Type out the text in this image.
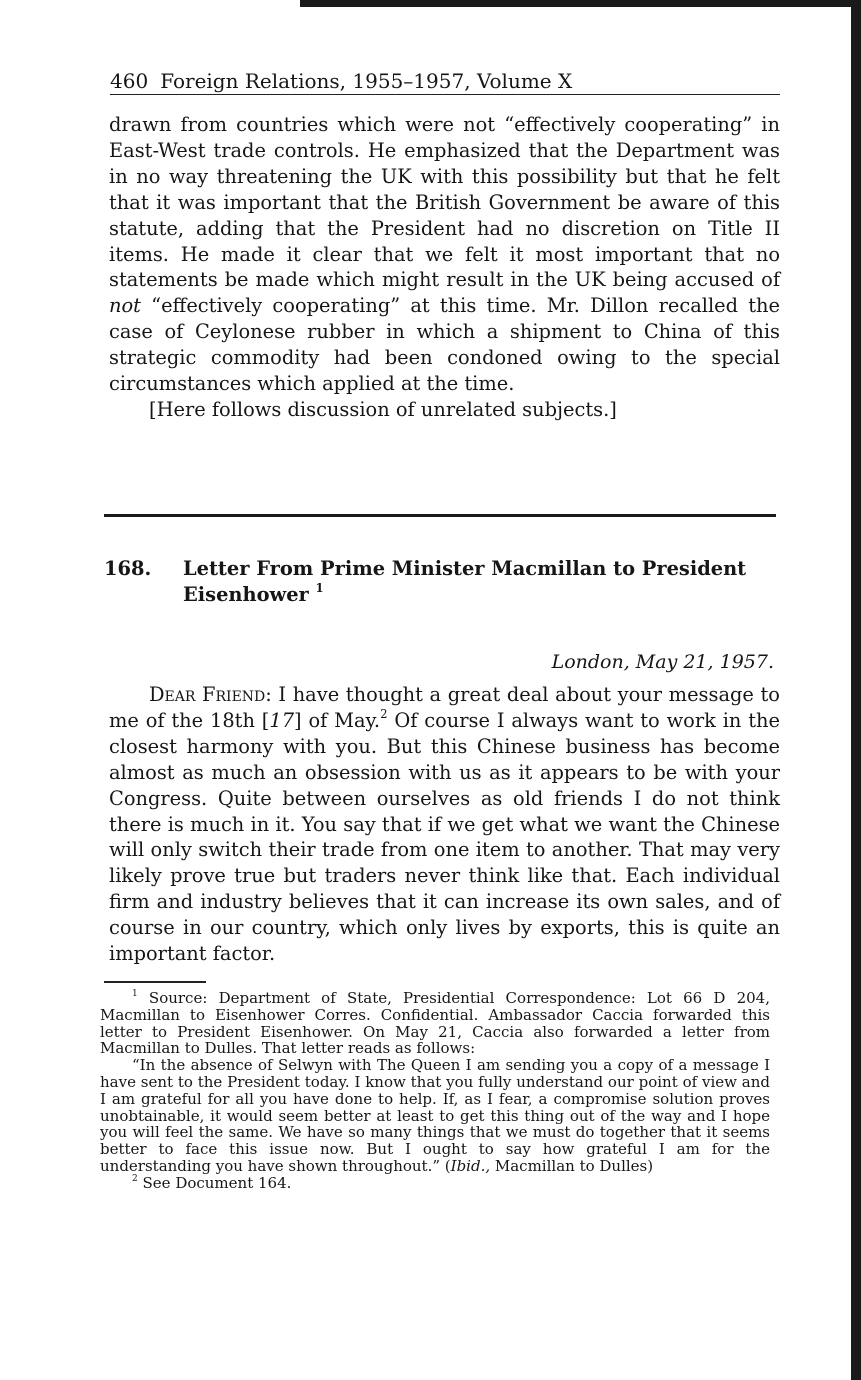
460 Foreign Relations, 1955–1957, Volume X

drawn from countries which were not “effectively cooperating” in East-West trade controls. He emphasized that the Department was in no way threatening the UK with this possibility but that he felt that it was important that the British Government be aware of this statute, adding that the President had no discretion on Title II items. He made it clear that we felt it most important that no statements be made which might result in the UK being accused of not “effectively cooperating” at this time. Mr. Dillon recalled the case of Ceylonese rubber in which a shipment to China of this strategic commodity had been condoned owing to the special circumstances which applied at the time.

[Here follows discussion of unrelated subjects.]

168. Letter From Prime Minister Macmillan to President Eisenhower $^1$
London, May 21, 1957.

Dear Friend: I have thought a great deal about your message to me of the 18th [17] of May.$^2$ Of course I always want to work in the closest harmony with you. But this Chinese business has become almost as much an obsession with us as it appears to be with your Congress. Quite between ourselves as old friends I do not think there is much in it. You say that if we get what we want the Chinese will only switch their trade from one item to another. That may very likely prove true but traders never think like that. Each individual firm and industry believes that it can increase its own sales, and of course in our country, which only lives by exports, this is quite an important factor.

$^1$ Source: Department of State, Presidential Correspondence: Lot 66 D 204, Macmillan to Eisenhower Corres. Confidential. Ambassador Caccia forwarded this letter to President Eisenhower. On May 21, Caccia also forwarded a letter from Macmillan to Dulles. That letter reads as follows:

“In the absence of Selwyn with The Queen I am sending you a copy of a message I have sent to the President today. I know that you fully understand our point of view and I am grateful for all you have done to help. If, as I fear, a compromise solution proves unobtainable, it would seem better at least to get this thing out of the way and I hope you will feel the same. We have so many things that we must do together that it seems better to face this issue now. But I ought to say how grateful I am for the understanding you have shown throughout.” (Ibid., Macmillan to Dulles)

$^2$ See Document 164.
